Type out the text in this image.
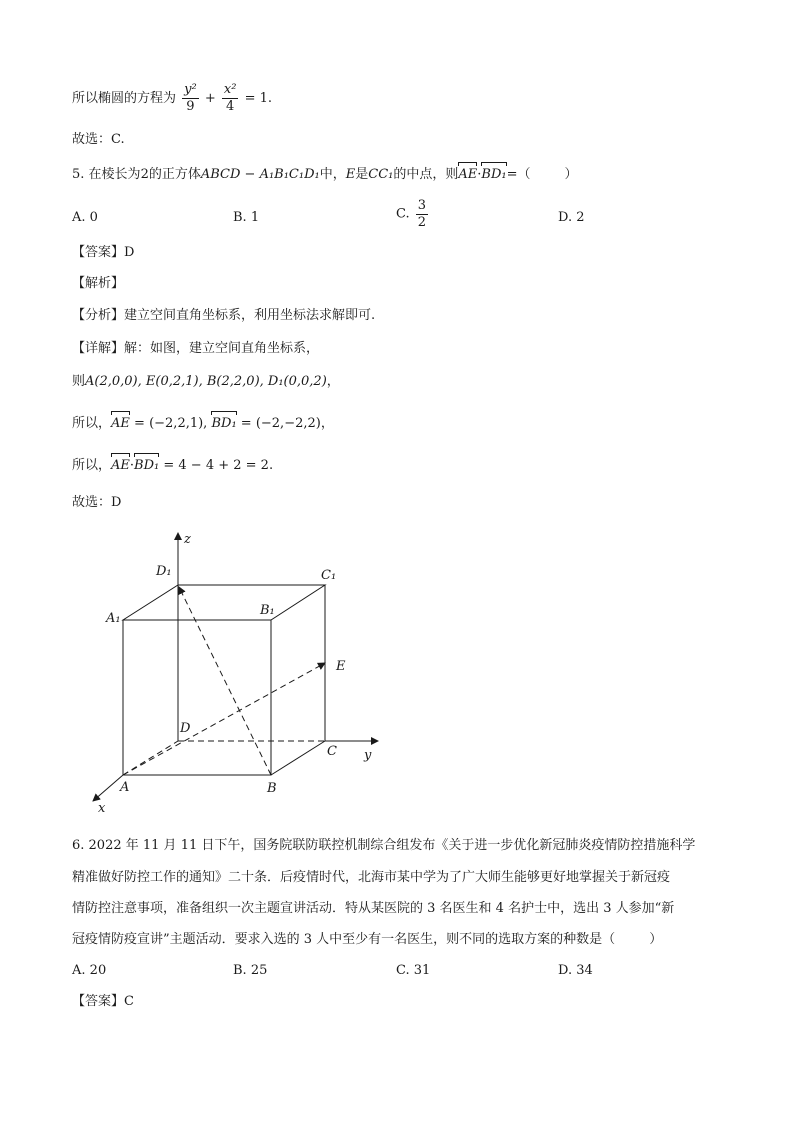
所以椭圆的方程为 $\frac{\text{y²}}{9} + \frac{\text{x²}}{4} = 1$.
故选：C.
5. 在棱长为2的正方体ABCD − A₁B₁C₁D₁中，E是CC₁的中点，则AE·BD₁=（	）
A. 0	B. 1	C. $\frac{3}{2}$	D. 2
【答案】D
【解析】
【分析】建立空间直角坐标系，利用坐标法求解即可.
【详解】解：如图，建立空间直角坐标系，
则A(2,0,0), E(0,2,1), B(2,2,0), D₁(0,0,2)，
所以，AE = (−2,2,1), BD₁ = (−2,−2,2)，
所以，AE·BD₁ = 4 − 4 + 2 = 2.
故选：D
z
y
x
D₁	C₁
A₁
B₁
E
D
C
A	B
6. 2022 年 11 月 11 日下午，国务院联防联控机制综合组发布《关于进一步优化新冠肺炎疫情防控措施科学
精准做好防控工作的通知》二十条．后疫情时代，北海市某中学为了广大师生能够更好地掌握关于新冠疫
情防控注意事项，准备组织一次主题宣讲活动．特从某医院的 3 名医生和 4 名护士中，选出 3 人参加“新
冠疫情防疫宣讲”主题活动．要求入选的 3 人中至少有一名医生，则不同的选取方案的种数是（	）
A. 20	B. 25	C. 31	D. 34
【答案】C
